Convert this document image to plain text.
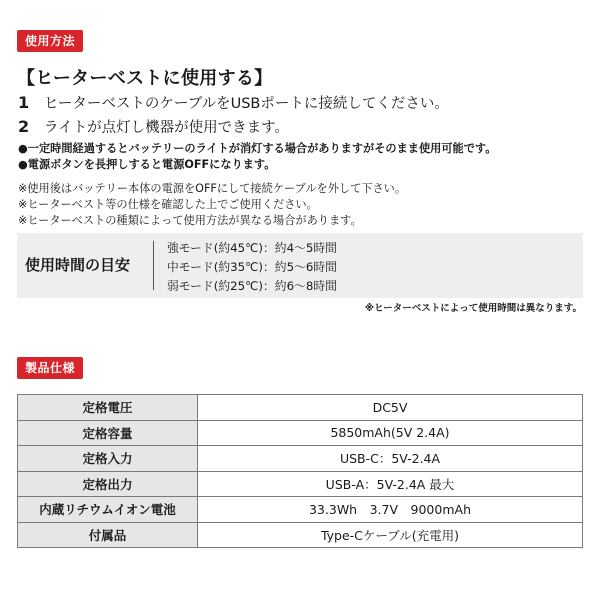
使用方法
【ヒーターベストに使用する】
1	ヒーターベストのケーブルをUSBポートに接続してください。
2	ライトが点灯し機器が使用できます。
●一定時間経過するとバッテリーのライトが消灯する場合がありますがそのまま使用可能です。
●電源ボタンを長押しすると電源OFFになります。
※使用後はバッテリー本体の電源をOFFにして接続ケーブルを外して下さい。
※ヒーターベスト等の仕様を確認した上でご使用ください。
※ヒーターベストの種類によって使用方法が異なる場合があります。
使用時間の目安
強モード(約45℃)：約4～5時間
中モード(約35℃)：約5～6時間
弱モード(約25℃)：約6～8時間
※ヒーターベストによって使用時間は異なります。
製品仕様
定格電圧	DC5V
定格容量	5850mAh(5V 2.4A)
定格入力	USB-C：5V-2.4A
定格出力	USB-A：5V-2.4A 最大
内蔵リチウムイオン電池	33.3Wh　3.7V　9000mAh
付属品	Type-Cケーブル(充電用)
